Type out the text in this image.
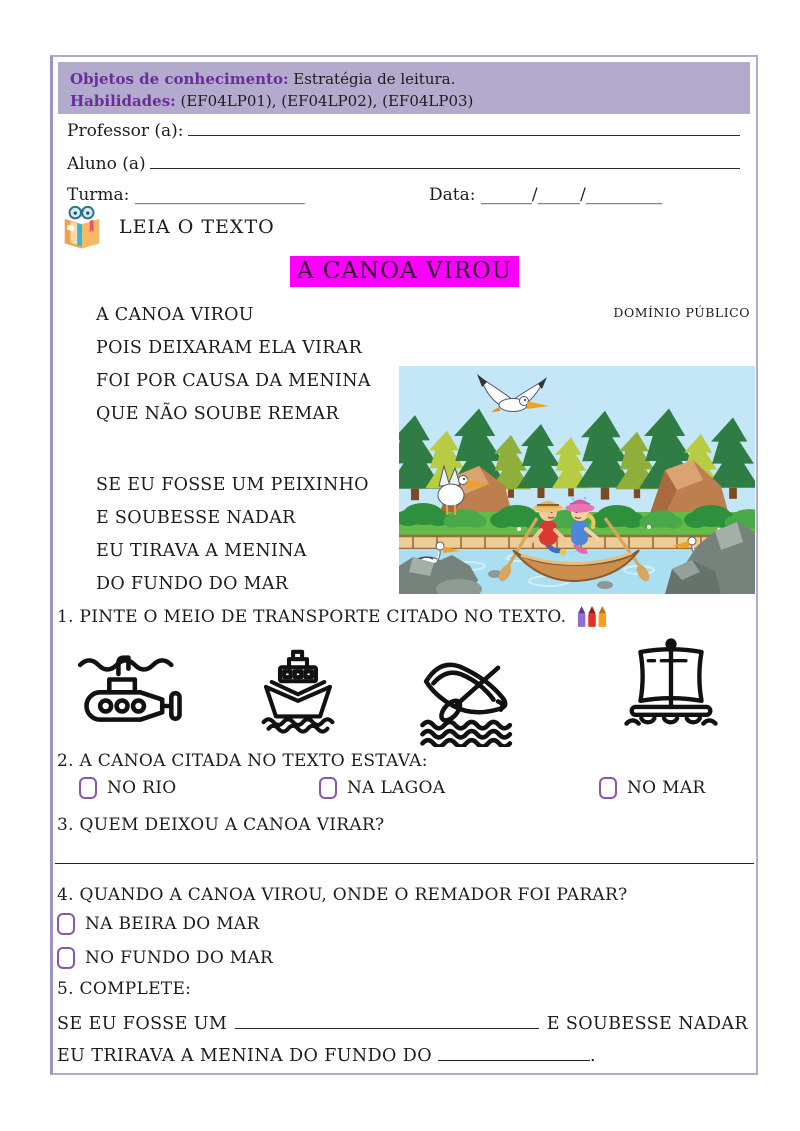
Objetos de conhecimento: Estratégia de leitura.
Habilidades: (EF04LP01), (EF04LP02), (EF04LP03)
Professor (a):
Aluno (a)
Turma: ____________________	Data: ______/_____/_________
LEIA O TEXTO
A CANOA VIROU
DOMÍNIO PÚBLICO
A CANOA VIROU
POIS DEIXARAM ELA VIRAR
FOI POR CAUSA DA MENINA
QUE NÃO SOUBE REMAR
SE EU FOSSE UM PEIXINHO
E SOUBESSE NADAR
EU TIRAVA A MENINA
DO FUNDO DO MAR
1. PINTE O MEIO DE TRANSPORTE CITADO NO TEXTO.
2. A CANOA CITADA NO TEXTO ESTAVA:
NO RIO	NA LAGOA	NO MAR
3. QUEM DEIXOU A CANOA VIRAR?
4. QUANDO A CANOA VIROU, ONDE O REMADOR FOI PARAR?
NA BEIRA DO MAR
NO FUNDO DO MAR
5. COMPLETE:
SE EU FOSSE UM	E SOUBESSE NADAR
EU TRIRAVA A MENINA DO FUNDO DO	.
